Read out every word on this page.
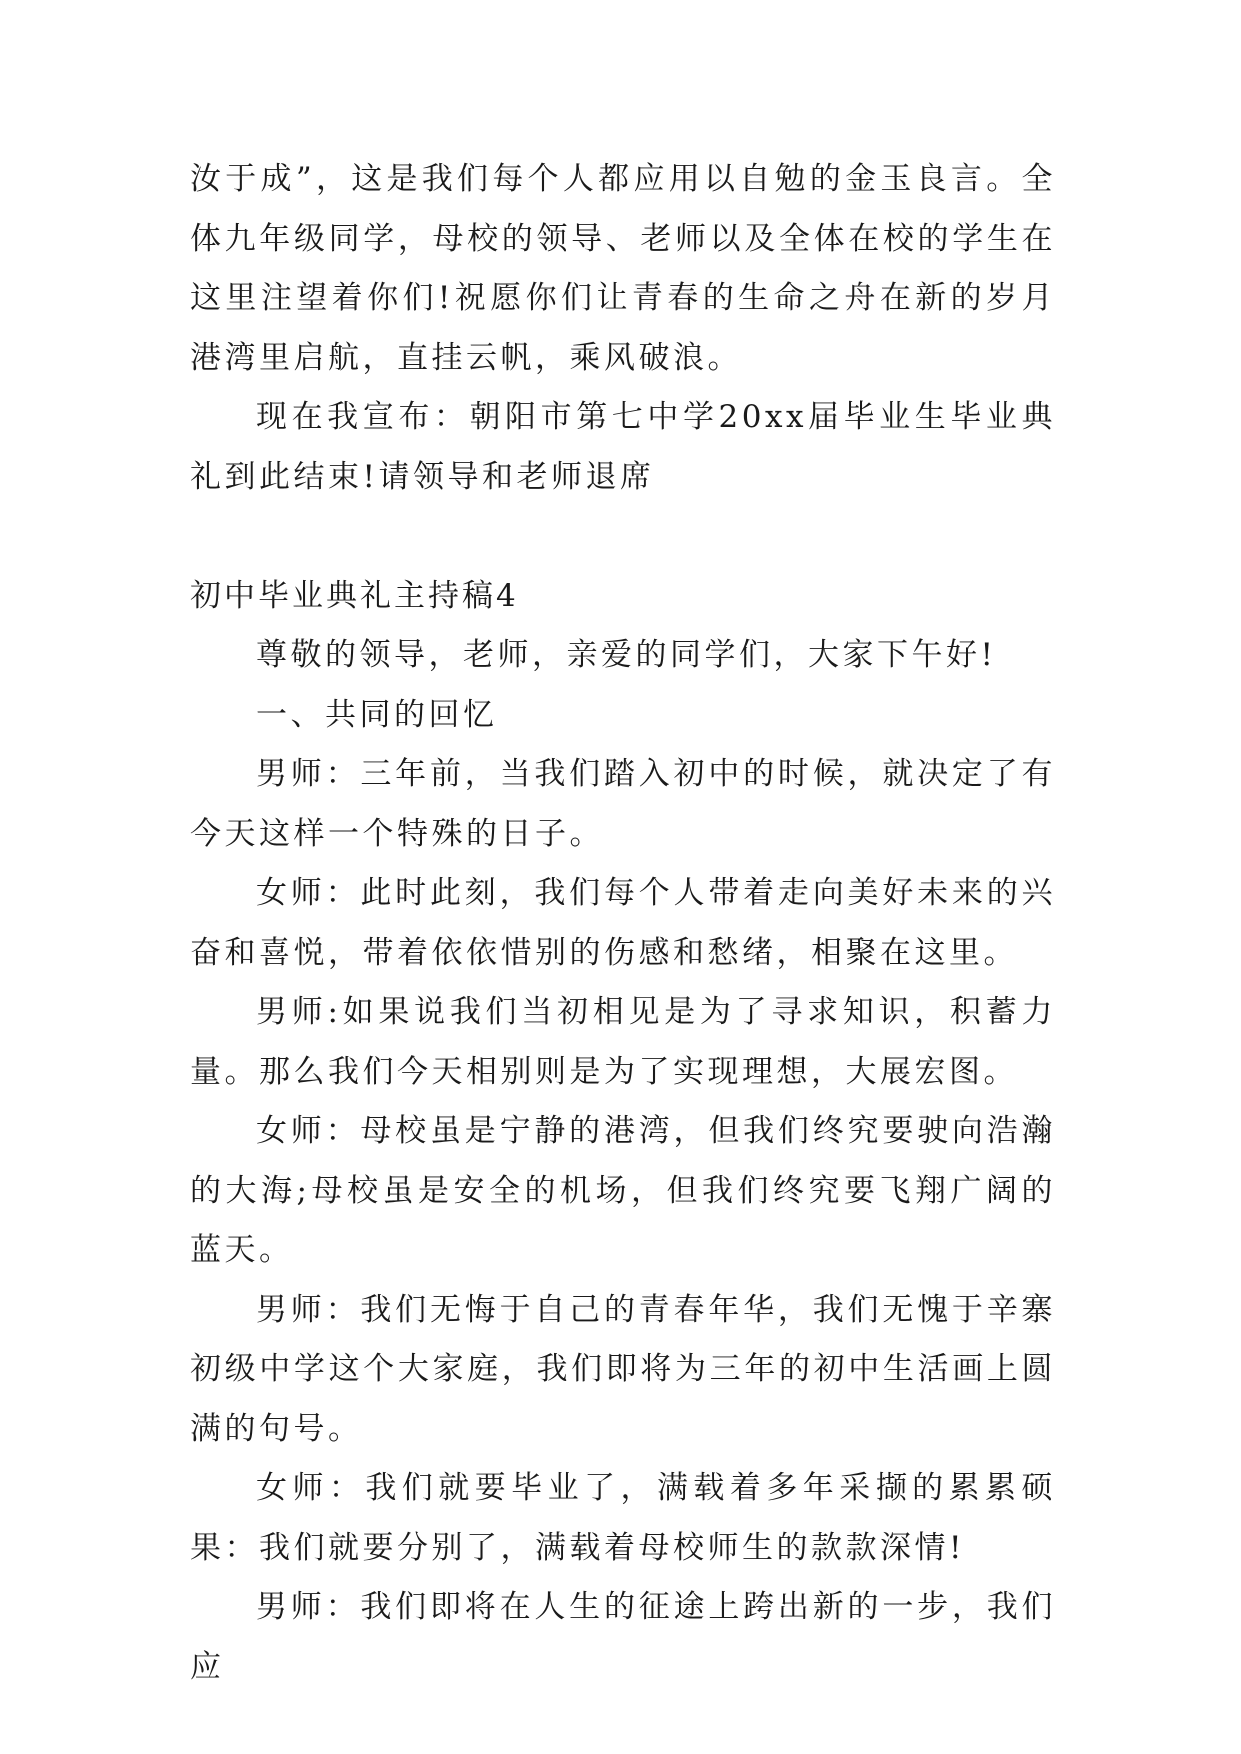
汝于成”，这是我们每个人都应用以自勉的金玉良言。全体九年级同学，母校的领导、老师以及全体在校的学生在这里注望着你们!祝愿你们让青春的生命之舟在新的岁月港湾里启航，直挂云帆，乘风破浪。

现在我宣布：朝阳市第七中学20xx届毕业生毕业典礼到此结束!请领导和老师退席

初中毕业典礼主持稿4

尊敬的领导，老师，亲爱的同学们，大家下午好!

一、共同的回忆

男师：三年前，当我们踏入初中的时候，就决定了有今天这样一个特殊的日子。

女师：此时此刻，我们每个人带着走向美好未来的兴奋和喜悦，带着依依惜别的伤感和愁绪，相聚在这里。

男师:如果说我们当初相见是为了寻求知识，积蓄力量。那么我们今天相别则是为了实现理想，大展宏图。

女师：母校虽是宁静的港湾，但我们终究要驶向浩瀚的大海;母校虽是安全的机场，但我们终究要飞翔广阔的蓝天。

男师：我们无悔于自己的青春年华，我们无愧于辛寨初级中学这个大家庭，我们即将为三年的初中生活画上圆满的句号。

女师：我们就要毕业了，满载着多年采撷的累累硕果：我们就要分别了，满载着母校师生的款款深情!

男师：我们即将在人生的征途上跨出新的一步，我们应
